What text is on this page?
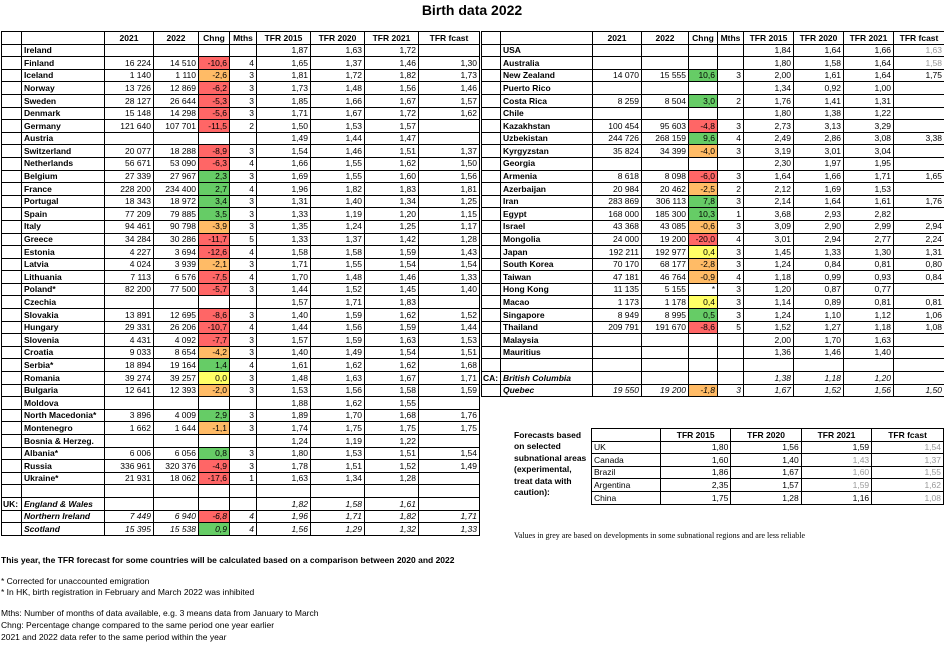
Birth data 2022
		2021	2022	Chng	Mths	TFR 2015	TFR 2020	TFR 2021	TFR fcast
	Ireland					1,87	1,63	1,72	
	Finland	16 224	14 510	-10,6	4	1,65	1,37	1,46	1,30
	Iceland	1 140	1 110	-2,6	3	1,81	1,72	1,82	1,73
	Norway	13 726	12 869	-6,2	3	1,73	1,48	1,56	1,46
	Sweden	28 127	26 644	-5,3	3	1,85	1,66	1,67	1,57
	Denmark	15 148	14 298	-5,6	3	1,71	1,67	1,72	1,62
	Germany	121 640	107 701	-11,5	2	1,50	1,53	1,57	
	Austria					1,49	1,44	1,47	
	Switzerland	20 077	18 288	-8,9	3	1,54	1,46	1,51	1,37
	Netherlands	56 671	53 090	-6,3	4	1,66	1,55	1,62	1,50
	Belgium	27 339	27 967	2,3	3	1,69	1,55	1,60	1,56
	France	228 200	234 400	2,7	4	1,96	1,82	1,83	1,81
	Portugal	18 343	18 972	3,4	3	1,31	1,40	1,34	1,25
	Spain	77 209	79 885	3,5	3	1,33	1,19	1,20	1,15
	Italy	94 461	90 798	-3,9	3	1,35	1,24	1,25	1,17
	Greece	34 284	30 286	-11,7	5	1,33	1,37	1,42	1,28
	Estonia	4 227	3 694	-12,6	4	1,58	1,58	1,59	1,43
	Latvia	4 024	3 939	-2,1	3	1,71	1,55	1,54	1,54
	Lithuania	7 113	6 576	-7,5	4	1,70	1,48	1,46	1,33
	Poland*	82 200	77 500	-5,7	3	1,44	1,52	1,45	1,40
	Czechia					1,57	1,71	1,83	
	Slovakia	13 891	12 695	-8,6	3	1,40	1,59	1,62	1,52
	Hungary	29 331	26 206	-10,7	4	1,44	1,56	1,59	1,44
	Slovenia	4 431	4 092	-7,7	3	1,57	1,59	1,63	1,53
	Croatia	9 033	8 654	-4,2	3	1,40	1,49	1,54	1,51
	Serbia*	18 894	19 164	1,4	4	1,61	1,62	1,62	1,68
	Romania	39 274	39 257	0,0	3	1,48	1,63	1,67	1,71
	Bulgaria	12 641	12 393	-2,0	3	1,53	1,56	1,58	1,59
	Moldova					1,88	1,62	1,55	
	North Macedonia*	3 896	4 009	2,9	3	1,89	1,70	1,68	1,76
	Montenegro	1 662	1 644	-1,1	3	1,74	1,75	1,75	1,75
	Bosnia & Herzeg.					1,24	1,19	1,22	
	Albania*	6 006	6 056	0,8	3	1,80	1,53	1,51	1,54
	Russia	336 961	320 376	-4,9	3	1,78	1,51	1,52	1,49
	Ukraine*	21 931	18 062	-17,6	1	1,63	1,34	1,28	

UK:	England & Wales					1,82	1,58	1,61	
	Northern Ireland	7 449	6 940	-6,8	4	1,96	1,71	1,82	1,71
	Scotland	15 395	15 538	0,9	4	1,56	1,29	1,32	1,33
		2021	2022	Chng	Mths	TFR 2015	TFR 2020	TFR 2021	TFR fcast
	USA					1,84	1,64	1,66	1,63
	Australia					1,80	1,58	1,64	1,58
	New Zealand	14 070	15 555	10,6	3	2,00	1,61	1,64	1,75
	Puerto Rico					1,34	0,92	1,00	
	Costa Rica	8 259	8 504	3,0	2	1,76	1,41	1,31	
	Chile					1,80	1,38	1,22	
	Kazakhstan	100 454	95 603	-4,8	3	2,73	3,13	3,29	
	Uzbekistan	244 726	268 159	9,6	4	2,49	2,86	3,08	3,38
	Kyrgyzstan	35 824	34 399	-4,0	3	3,19	3,01	3,04	
	Georgia					2,30	1,97	1,95	
	Armenia	8 618	8 098	-6,0	3	1,64	1,66	1,71	1,65
	Azerbaijan	20 984	20 462	-2,5	2	2,12	1,69	1,53	
	Iran	283 869	306 113	7,8	3	2,14	1,64	1,61	1,76
	Egypt	168 000	185 300	10,3	1	3,68	2,93	2,82	
	Israel	43 368	43 085	-0,6	3	3,09	2,90	2,99	2,94
	Mongolia	24 000	19 200	-20,0	4	3,01	2,94	2,77	2,24
	Japan	192 211	192 977	0,4	3	1,45	1,33	1,30	1,31
	South Korea	70 170	68 177	-2,8	3	1,24	0,84	0,81	0,80
	Taiwan	47 181	46 764	-0,9	4	1,18	0,99	0,93	0,84
	Hong Kong	11 135	5 155	*	3	1,20	0,87	0,77	
	Macao	1 173	1 178	0,4	3	1,14	0,89	0,81	0,81
	Singapore	8 949	8 995	0,5	3	1,24	1,10	1,12	1,06
	Thailand	209 791	191 670	-8,6	5	1,52	1,27	1,18	1,08
	Malaysia					2,00	1,70	1,63	
	Mauritius					1,36	1,46	1,40	

CA:	British Columbia					1,38	1,18	1,20	
	Quebec	19 550	19 200	-1,8	3	1,67	1,52	1,56	1,50
Forecasts based on selected subnational areas (experimental, treat data with caution):
	TFR 2015	TFR 2020	TFR 2021	TFR fcast
UK	1,80	1,56	1,59	1,54
Canada	1,60	1,40	1,43	1,37
Brazil	1,86	1,67	1,60	1,55
Argentina	2,35	1,57	1,59	1,62
China	1,75	1,28	1,16	1,08
Values in grey are based on developments in some subnational regions and are less reliable
This year, the TFR forecast for some countries will be calculated based on a comparison between 2020 and 2022
* Corrected for unaccounted emigration
* In HK, birth registration in February and March 2022 was inhibited
Mths: Number of months of data available, e.g. 3 means data from January to March
Chng: Percentage change compared to the same period one year earlier
2021 and 2022 data refer to the same period within the year
